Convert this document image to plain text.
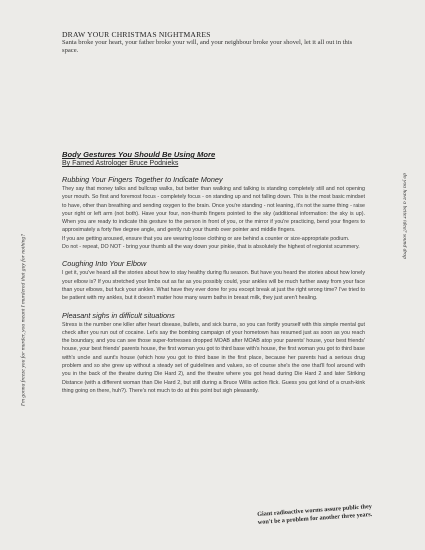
DRAW YOUR CHRISTMAS NIGHTMARES
Santa broke your heart, your father broke your will, and your neighbour broke your shovel, let it all out in this space.
Body Gestures You Should Be Using More
By Famed Astrologer Bruce Podnieks
Rubbing Your Fingers Together to Indicate Money
They say that money talks and bullcrap walks, but better than walking and talking is standing completely still and not opening your mouth. So first and foremost focus - completely focus - on standing up and not falling down. This is the most basic mindset to have, other than breathing and sending oxygen to the brain. Once you're standing - not leaning, it's not the same thing - raise your right or left arm (not both). Have your four, non-thumb fingers pointed to the sky (additional information: the sky is up). When you are ready to indicate this gesture to the person in front of you, or the mirror if you're practicing, bend your fingers to approximately a forty five degree angle, and gently rub your thumb over pointer and middle fingers.
If you are getting aroused, ensure that you are wearing loose clothing or are behind a counter or size-appropriate podium.
Do not - repeat, DO NOT - bring your thumb all the way down your pinkie, that is absolutely the highest of regionist scummery.
Coughing Into Your Elbow
I get it, you've heard all the stories about how to stay healthy during flu season. But have you heard the stories about how lonely your elbow is? If you stretched your limbs out as far as you possibly could, your ankles will be much further away from your face than your elbows, but fuck your ankles. What have they ever done for you except break at just the right wrong time? I've tried to be patient with my ankles, but it doesn't matter how many warm baths in breast milk, they just aren't healing.
Pleasant sighs in difficult situations
Stress is the number one killer after heart disease, bullets, and sick burns, so you can fortify yourself with this simple mental gut check after you run out of cocaine. Let's say the bombing campaign of your hometown has resumed just as soon as you reach the boundary, and you can see those super-fortresses dropped MOAB after MOAB atop your parents' house, your best friends' house, your best friends' parents house, the first woman you got to third base with's house, the first woman you got to third base with's uncle and aunt's house (which how you got to third base in the first place, because her parents had a serious drug problem and so she grew up without a steady set of guidelines and values, so of course she's the one that'll fool around with you in the back of the theatre during Die Hard 2), and the theatre where you got head during Die Hard 2 and later Striking Distance (with a different woman than Die Hard 2, but still during a Bruce Willis action flick. Guess you got kind of a crush-kink thing going on there, huh?). There's not much to do at this point but sigh pleasantly.
I'm gonna freeze you for murder, you meant I murdered that guy for nothing?
do you have a better idea? sound drop
Giant radioactive worms assure public they won't be a problem for another three years.
